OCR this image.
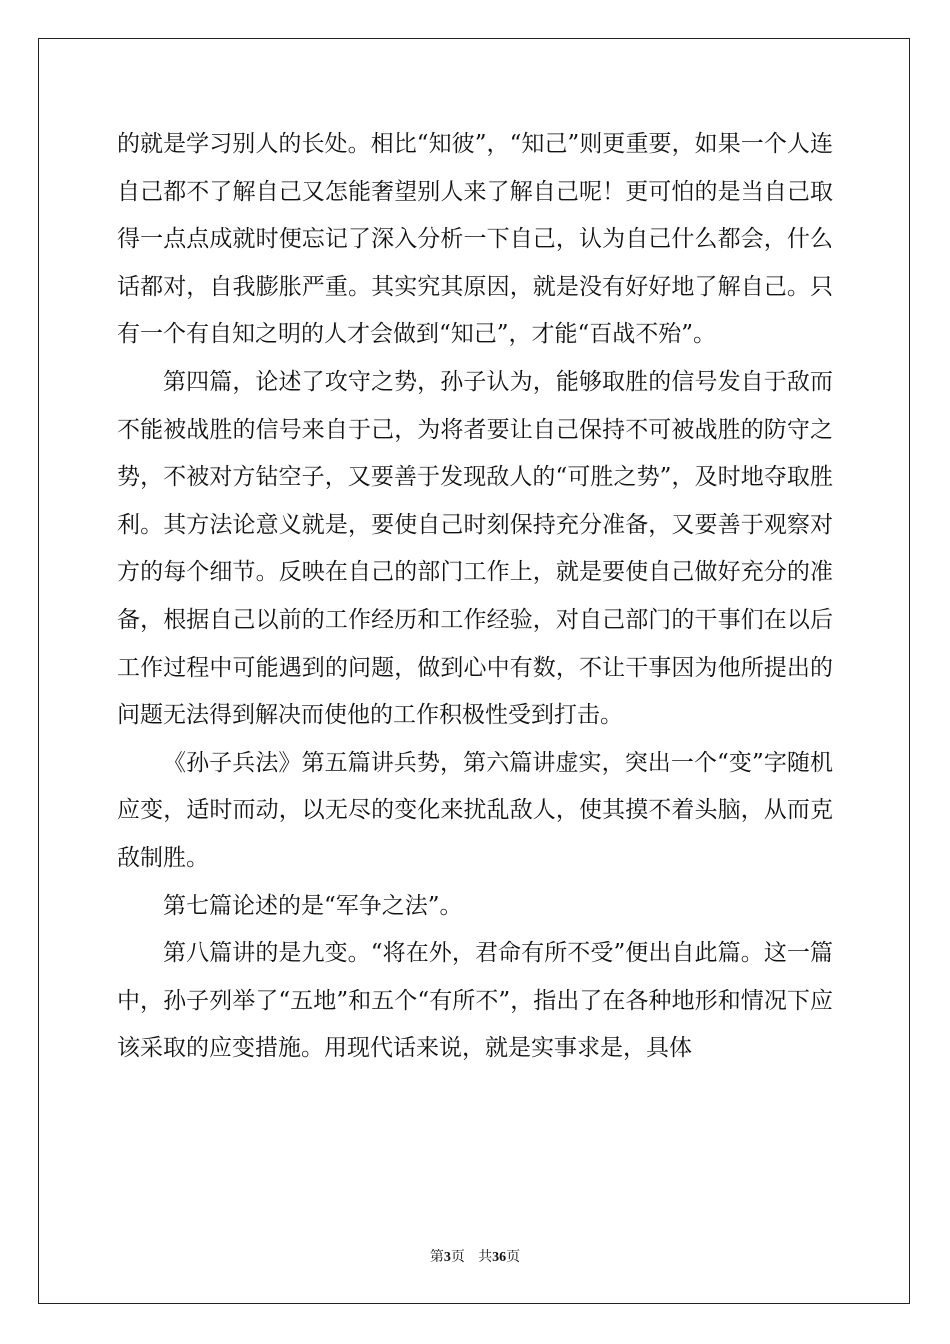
的就是学习别人的长处。相比“知彼”，“知己”则更重要，如果一个人连自己都不了解自己又怎能奢望别人来了解自己呢！更可怕的是当自己取得一点点成就时便忘记了深入分析一下自己，认为自己什么都会，什么话都对，自我膨胀严重。其实究其原因，就是没有好好地了解自己。只有一个有自知之明的人才会做到“知己”，才能“百战不殆”。

第四篇，论述了攻守之势，孙子认为，能够取胜的信号发自于敌而不能被战胜的信号来自于己，为将者要让自己保持不可被战胜的防守之势，不被对方钻空子，又要善于发现敌人的“可胜之势”，及时地夺取胜利。其方法论意义就是，要使自己时刻保持充分准备，又要善于观察对方的每个细节。反映在自己的部门工作上，就是要使自己做好充分的准备，根据自己以前的工作经历和工作经验，对自己部门的干事们在以后工作过程中可能遇到的问题，做到心中有数，不让干事因为他所提出的问题无法得到解决而使他的工作积极性受到打击。

《孙子兵法》第五篇讲兵势，第六篇讲虚实，突出一个“变”字随机应变，适时而动，以无尽的变化来扰乱敌人，使其摸不着头脑，从而克敌制胜。

第七篇论述的是“军争之法”。

第八篇讲的是九变。“将在外，君命有所不受”便出自此篇。这一篇中，孙子列举了“五地”和五个“有所不”，指出了在各种地形和情况下应该采取的应变措施。用现代话来说，就是实事求是，具体

第3页 共36页
